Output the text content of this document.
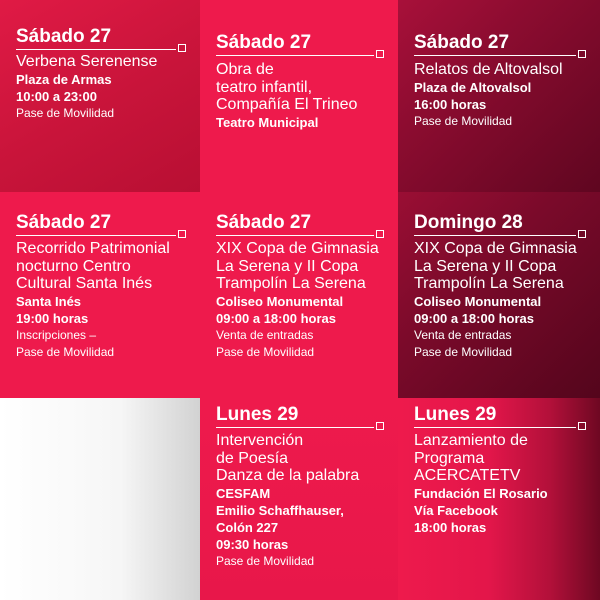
Sábado 27

Verbena Serenense

Plaza de Armas

10:00 a 23:00

Pase de Movilidad

Sábado 27

Obra de

teatro infantil,

Compañía El Trineo

Teatro Municipal

Sábado 27

Relatos de Altovalsol

Plaza de Altovalsol

16:00 horas

Pase de Movilidad

Sábado 27

Recorrido Patrimonial

nocturno Centro

Cultural Santa Inés

Santa Inés

19:00 horas

Inscripciones –

Pase de Movilidad

Sábado 27

XIX Copa de Gimnasia

La Serena y II Copa

Trampolín La Serena

Coliseo Monumental

09:00 a 18:00 horas

Venta de entradas

Pase de Movilidad

Domingo 28

XIX Copa de Gimnasia

La Serena y II Copa

Trampolín La Serena

Coliseo Monumental

09:00 a 18:00 horas

Venta de entradas

Pase de Movilidad

Lunes 29

Intervención

de Poesía

Danza de la palabra

CESFAM

Emilio Schaffhauser,

Colón 227

09:30 horas

Pase de Movilidad

Lunes 29

Lanzamiento de

Programa

ACERCATETV

Fundación El Rosario

Vía Facebook

18:00 horas
